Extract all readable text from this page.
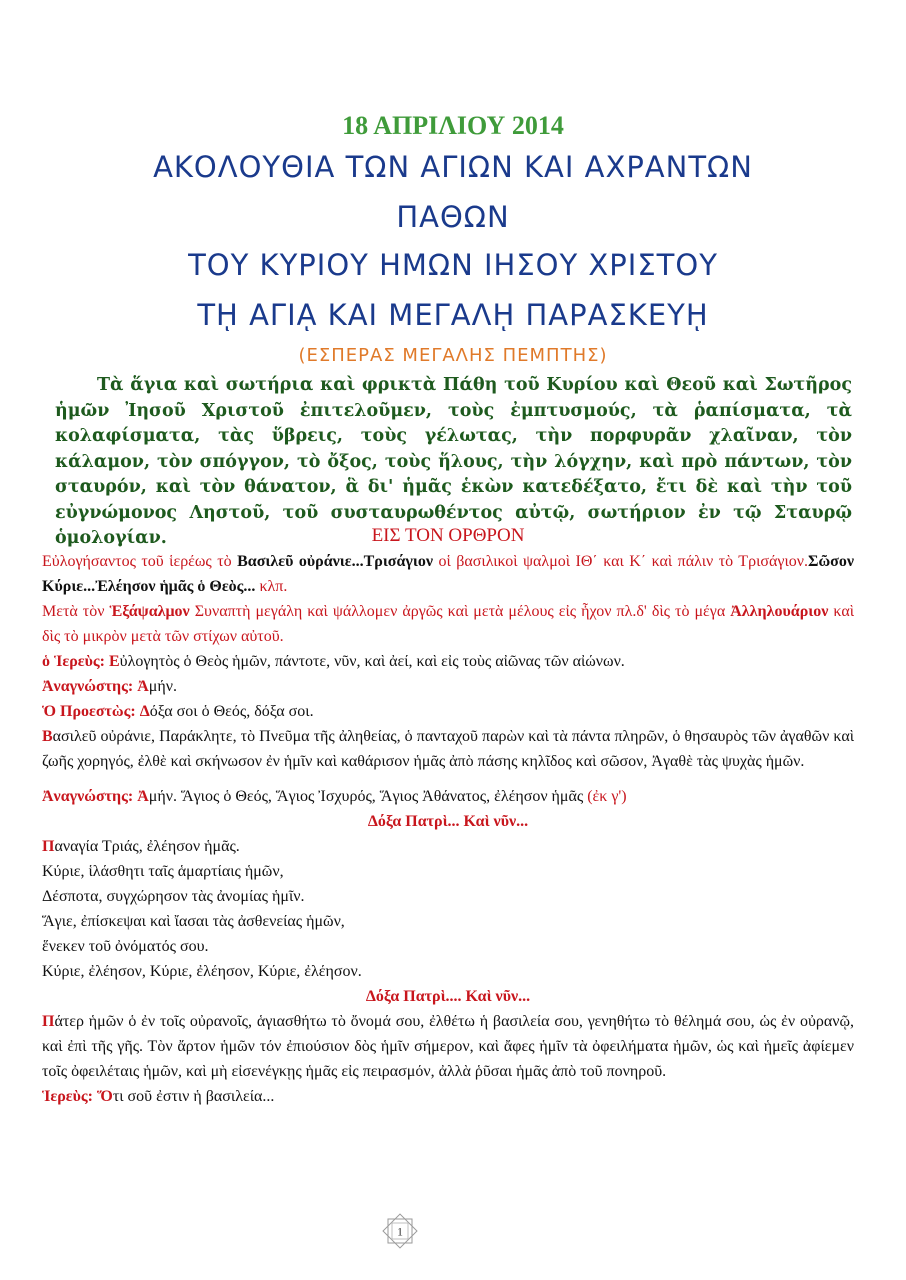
18 ΑΠΡΙΛΙΟΥ 2014
ΑΚΟΛΟΥΘΙΑ ΤΩΝ ΑΓΙΩΝ ΚΑΙ ΑΧΡΑΝΤΩΝ
ΠΑΘΩΝ
ΤΟΥ ΚΥΡΙΟΥ ΗΜΩΝ ΙΗΣΟΥ ΧΡΙΣΤΟΥ
Τῌ ΑΓΙᾼ ΚΑΙ ΜΕΓΑΛῌ ΠΑΡΑΣΚΕΥῌ
(ΕΣΠΕΡΑΣ ΜΕΓΑΛΗΣ ΠΕΜΠΤΗΣ)

Τὰ ἅγια καὶ σωτήρια καὶ φρικτὰ Πάθη τοῦ Κυρίου καὶ Θεοῦ καὶ Σωτῆρος ἡμῶν Ἰησοῦ Χριστοῦ ἐπιτελοῦμεν, τοὺς ἐμπτυσμούς, τὰ ῥαπίσματα, τὰ κολαφίσματα, τὰς ὕβρεις, τοὺς γέλωτας, τὴν πορφυρᾶν χλαῖναν, τὸν κάλαμον, τὸν σπόγγον, τὸ ὄξος, τοὺς ἥλους, τὴν λόγχην, καὶ πρὸ πάντων, τὸν σταυρόν, καὶ τὸν θάνατον, ἃ δι' ἡμᾶς ἑκὼν κατεδέξατο, ἔτι δὲ καὶ τὴν τοῦ εὐγνώμονος Ληστοῦ, τοῦ συσταυρωθέντος αὐτῷ, σωτήριον ἐν τῷ Σταυρῷ ὁμολογίαν.	ΕΙΣ ΤΟΝ ΟΡΘΡΟΝ

Εὐλογήσαντος τοῦ ἱερέως τὸ Βασιλεῦ οὐράνιε...Τρισάγιον οἱ βασιλικοὶ ψαλμοὶ ΙΘ΄ και Κ΄ καὶ πάλιν τὸ Τρισάγιον.Σῶσον Κύριε...Ἐλέησον ἡμᾶς ὁ Θεὸς... κλπ.

Μετὰ τὸν Ἑξάψαλμον Συναπτὴ μεγάλη καὶ ψάλλομεν ἀργῶς καὶ μετὰ μέλους εἰς ἦχον πλ.δ' δὶς τὸ μέγα Ἀλληλουάριον καὶ δὶς τὸ μικρὸν μετὰ τῶν στίχων αὐτοῦ.

ὁ Ἱερεὺς: Εὐλογητὸς ὁ Θεὸς ἡμῶν, πάντοτε, νῦν, καὶ ἀεί, καὶ εἰς τοὺς αἰῶνας τῶν αἰώνων.

Ἀναγνώστης: Ἀμήν.

Ὁ Προεστὼς: Δόξα σοι ὁ Θεός, δόξα σοι.

Βασιλεῦ οὐράνιε, Παράκλητε, τὸ Πνεῦμα τῆς ἀληθείας, ὁ πανταχοῦ παρὼν καὶ τὰ πάντα πληρῶν, ὁ θησαυρὸς τῶν ἀγαθῶν καὶ ζωῆς χορηγός, ἐλθὲ καὶ σκήνωσον ἐν ἡμῖν καὶ καθάρισον ἡμᾶς ἀπὸ πάσης κηλῖδος καὶ σῶσον, Ἀγαθὲ τὰς ψυχὰς ἡμῶν.

Ἀναγνώστης: Ἀμήν. Ἅγιος ὁ Θεός, Ἅγιος Ἰσχυρός, Ἅγιος Ἀθάνατος, ἐλέησον ἡμᾶς (ἐκ γ')

Δόξα Πατρὶ... Καὶ νῦν...

Παναγία Τριάς, ἐλέησον ἡμᾶς.

Κύριε, ἱλάσθητι ταῖς ἁμαρτίαις ἡμῶν,

Δέσποτα, συγχώρησον τὰς ἀνομίας ἡμῖν.

Ἅγιε, ἐπίσκεψαι καὶ ἴασαι τὰς ἀσθενείας ἡμῶν,

ἕνεκεν τοῦ ὀνόματός σου.

Κύριε, ἐλέησον, Κύριε, ἐλέησον, Κύριε, ἐλέησον.

Δόξα Πατρὶ.... Καὶ νῦν...

Πάτερ ἡμῶν ὁ ἐν τοῖς οὐρανοῖς, ἁγιασθήτω τὸ ὄνομά σου, ἐλθέτω ἡ βασιλεία σου, γενηθήτω τὸ θέλημά σου, ὡς ἐν οὐρανῷ, καὶ ἐπὶ τῆς γῆς. Τὸν ἄρτον ἡμῶν τόν ἐπιούσιον δὸς ἡμῖν σήμερον, καὶ ἄφες ἡμῖν τὰ ὀφειλήματα ἡμῶν, ὡς καὶ ἡμεῖς ἀφίεμεν τοῖς ὀφειλέταις ἡμῶν, καὶ μὴ εἰσενέγκῃς ἡμᾶς εἰς πειρασμόν, ἀλλὰ ῥῦσαι ἡμᾶς ἀπὸ τοῦ πονηροῦ.

Ἱερεὺς: Ὅτι σοῦ ἐστιν ἡ βασιλεία...

1
